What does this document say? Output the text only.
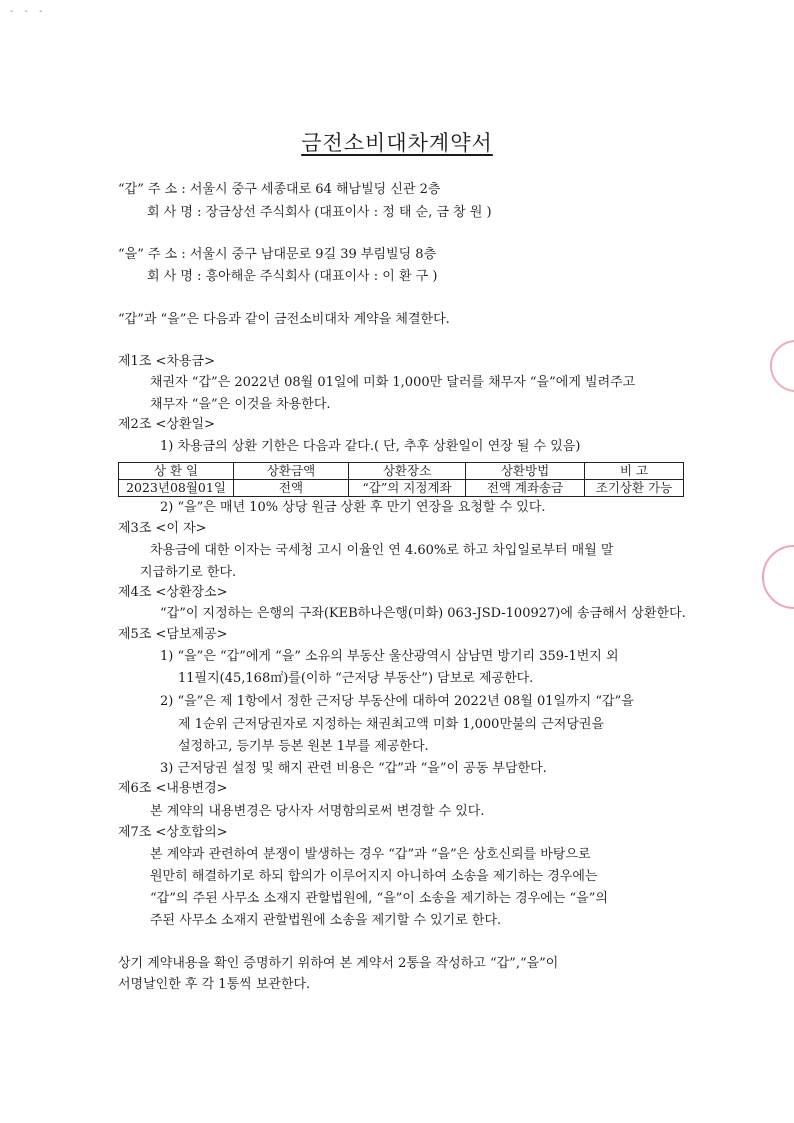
- - -
금전소비대차계약서
“갑” 주 소 : 서울시 중구 세종대로 64 해남빌딩 신관 2층
회 사 명 : 장금상선 주식회사 (대표이사 : 정 태 순, 금 창 원 )
“을” 주 소 : 서울시 중구 남대문로 9길 39 부림빌딩 8층
회 사 명 : 흥아해운 주식회사 (대표이사 : 이 환 구 )
“갑”과 “을”은 다음과 같이 금전소비대차 계약을 체결한다.
제1조 <차용금>
채권자 “갑”은 2022년 08월 01일에 미화 1,000만 달러를 채무자 “을”에게 빌려주고
채무자 “을”은 이것을 차용한다.
제2조 <상환일>
1) 차용금의 상환 기한은 다음과 같다.( 단, 추후 상환일이 연장 될 수 있음)
상 환 일	상환금액	상환장소	상환방법	비 고
2023년08월01일	전액	“갑”의 지정계좌	전액 계좌송금	조기상환 가능
2) “을”은 매년 10% 상당 원금 상환 후 만기 연장을 요청할 수 있다.
제3조 <이 자>
차용금에 대한 이자는 국세청 고시 이율인 연 4.60%로 하고 차입일로부터 매월 말
지급하기로 한다.
제4조 <상환장소>
“갑”이 지정하는 은행의 구좌(KEB하나은행(미화) 063-JSD-100927)에 송금해서 상환한다.
제5조 <담보제공>
1) “을”은 “갑”에게 “을” 소유의 부동산 울산광역시 삼남면 방기리 359-1번지 외
11필지(45,168㎡)를(이하 “근저당 부동산”) 담보로 제공한다.
2) “을”은 제 1항에서 정한 근저당 부동산에 대하여 2022년 08월 01일까지 “갑”을
제 1순위 근저당권자로 지정하는 채권최고액 미화 1,000만불의 근저당권을
설정하고, 등기부 등본 원본 1부를 제공한다.
3) 근저당권 설정 및 해지 관련 비용은 “갑”과 “을”이 공동 부담한다.
제6조 <내용변경>
본 계약의 내용변경은 당사자 서명함의로써 변경할 수 있다.
제7조 <상호합의>
본 계약과 관련하여 분쟁이 발생하는 경우 “갑”과 “을”은 상호신뢰를 바탕으로
원만히 해결하기로 하되 합의가 이루어지지 아니하여 소송을 제기하는 경우에는
“갑”의 주된 사무소 소재지 관할법원에, “을”이 소송을 제기하는 경우에는 “을”의
주된 사무소 소재지 관할법원에 소송을 제기할 수 있기로 한다.
상기 계약내용을 확인 증명하기 위하여 본 계약서 2통을 작성하고 “갑”,“을”이
서명날인한 후 각 1통씩 보관한다.
